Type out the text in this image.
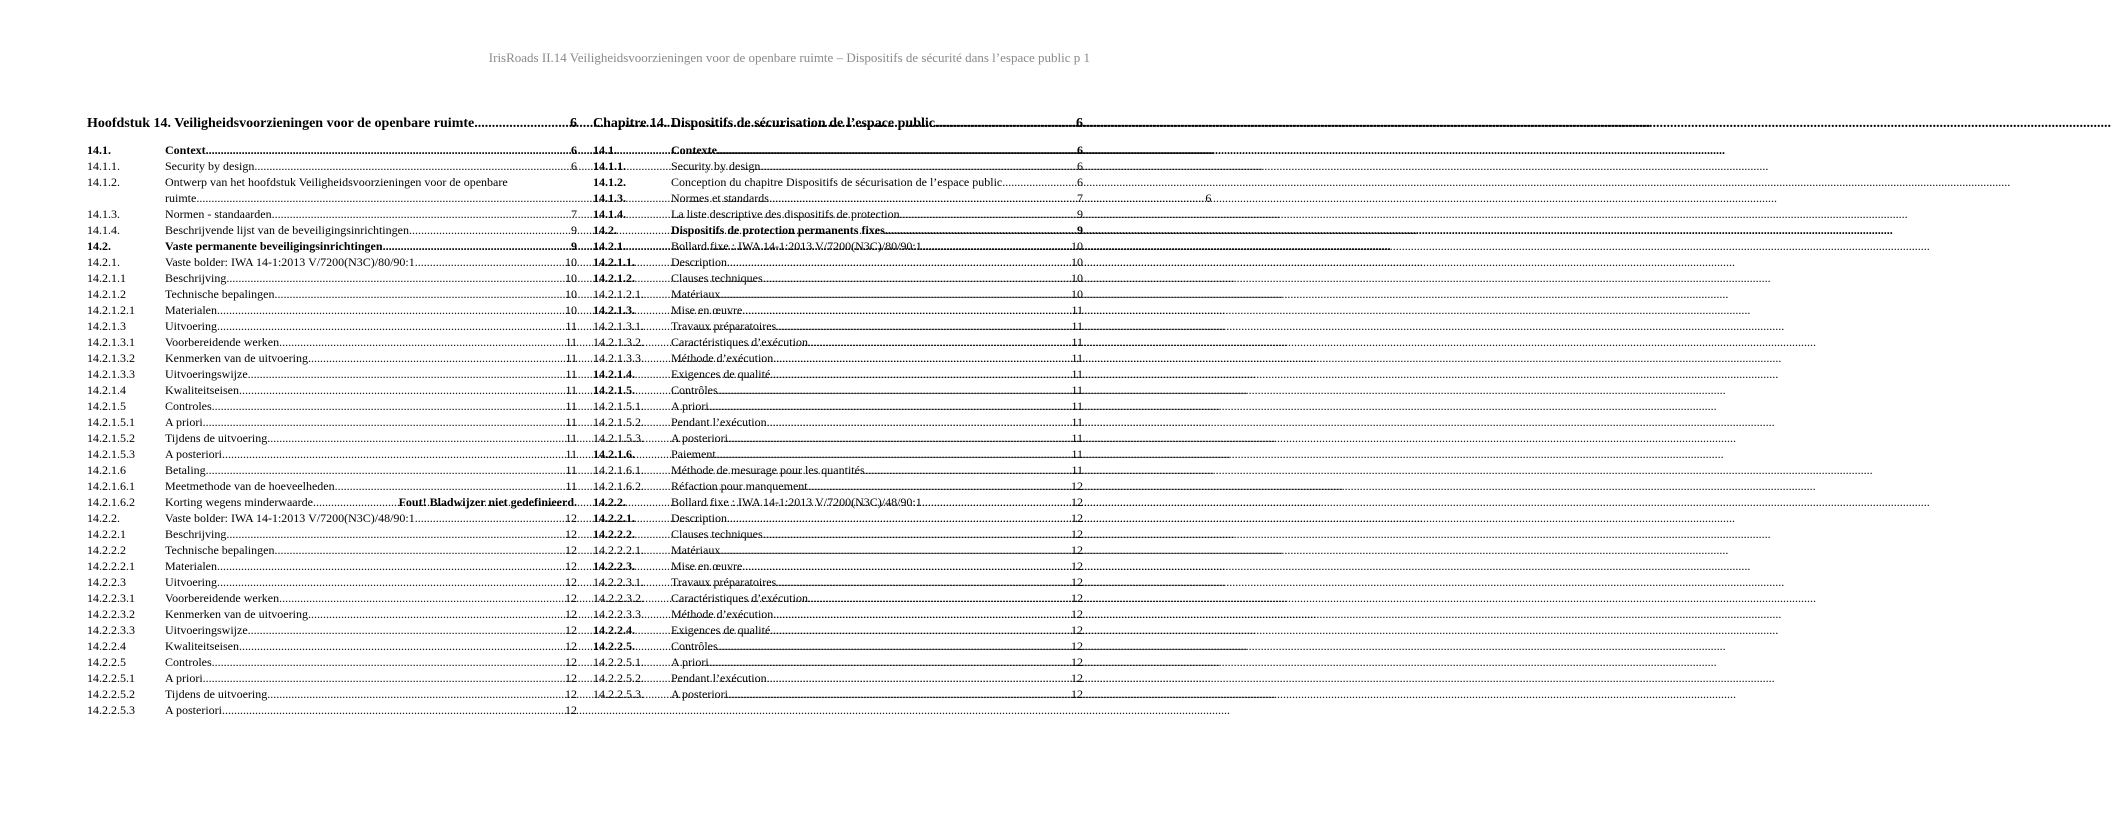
IrisRoads II.14 Veiligheidsvoorzieningen voor de openbare ruimte – Dispositifs de sécurité dans l’espace public p 1
Hoofdstuk 14. Veiligheidsvoorzieningen voor de openbare ruimte .....	6
14.1.	Context .....	6
14.1.1.	Security by design .....	6
14.1.2.	Ontwerp van het hoofdstuk Veiligheidsvoorzieningen voor de openbare
ruimte .....	6
14.1.3.	Normen - standaarden .....	7
14.1.4.	Beschrijvende lijst van de beveiligingsinrichtingen .....	9
14.2.	Vaste permanente beveiligingsinrichtingen .....	9
14.2.1.	Vaste bolder: IWA 14-1:2013 V/7200(N3C)/80/90:1 .....	10
14.2.1.1	Beschrijving .....	10
14.2.1.2	Technische bepalingen .....	10
14.2.1.2.1	Materialen .....	10
14.2.1.3	Uitvoering .....	11
14.2.1.3.1	Voorbereidende werken .....	11
14.2.1.3.2	Kenmerken van de uitvoering .....	11
14.2.1.3.3	Uitvoeringswijze .....	11
14.2.1.4	Kwaliteitseisen .....	11
14.2.1.5	Controles .....	11
14.2.1.5.1	A priori .....	11
14.2.1.5.2	Tijdens de uitvoering .....	11
14.2.1.5.3	A posteriori .....	11
14.2.1.6	Betaling .....	11
14.2.1.6.1	Meetmethode van de hoeveelheden .....	11
14.2.1.6.2	Korting wegens minderwaarde .....	Fout! Bladwijzer niet gedefinieerd.
14.2.2.	Vaste bolder: IWA 14-1:2013 V/7200(N3C)/48/90:1 .....	12
14.2.2.1	Beschrijving .....	12
14.2.2.2	Technische bepalingen .....	12
14.2.2.2.1	Materialen .....	12
14.2.2.3	Uitvoering .....	12
14.2.2.3.1	Voorbereidende werken .....	12
14.2.2.3.2	Kenmerken van de uitvoering .....	12
14.2.2.3.3	Uitvoeringswijze .....	12
14.2.2.4	Kwaliteitseisen .....	12
14.2.2.5	Controles .....	12
14.2.2.5.1	A priori .....	12
14.2.2.5.2	Tijdens de uitvoering .....	12
14.2.2.5.3	A posteriori .....	12
Chapitre 14. Dispositifs de sécurisation de l’espace public .....	6
14.1.	Contexte .....	6
14.1.1.	Security by design .....	6
14.1.2.	Conception du chapitre Dispositifs de sécurisation de l’espace public .....	6
14.1.3.	Normes et standards .....	7
14.1.4.	La liste descriptive des dispositifs de protection .....	9
14.2.	Dispositifs de protection permanents fixes .....	9
14.2.1.	Bollard fixe : IWA 14-1:2013 V/7200(N3C)/80/90:1 .....	10
14.2.1.1.	Description .....	10
14.2.1.2.	Clauses techniques .....	10
14.2.1.2.1.	Matériaux .....	10
14.2.1.3.	Mise en œuvre .....	11
14.2.1.3.1.	Travaux préparatoires .....	11
14.2.1.3.2.	Caractéristiques d’exécution .....	11
14.2.1.3.3.	Méthode d’exécution .....	11
14.2.1.4.	Exigences de qualité .....	11
14.2.1.5.	Contrôles .....	11
14.2.1.5.1.	A priori .....	11
14.2.1.5.2.	Pendant l’exécution .....	11
14.2.1.5.3.	A posteriori .....	11
14.2.1.6.	Paiement .....	11
14.2.1.6.1.	Méthode de mesurage pour les quantités .....	11
14.2.1.6.2.	Réfaction pour manquement .....	12
14.2.2.	Bollard fixe : IWA 14-1:2013 V/7200(N3C)/48/90:1 .....	12
14.2.2.1.	Description .....	12
14.2.2.2.	Clauses techniques .....	12
14.2.2.2.1.	Matériaux .....	12
14.2.2.3.	Mise en œuvre .....	12
14.2.2.3.1.	Travaux préparatoires .....	12
14.2.2.3.2.	Caractéristiques d’exécution .....	12
14.2.2.3.3.	Méthode d’exécution .....	12
14.2.2.4.	Exigences de qualité .....	12
14.2.2.5.	Contrôles .....	12
14.2.2.5.1.	A priori .....	12
14.2.2.5.2.	Pendant l’exécution .....	12
14.2.2.5.3.	A posteriori .....	12
